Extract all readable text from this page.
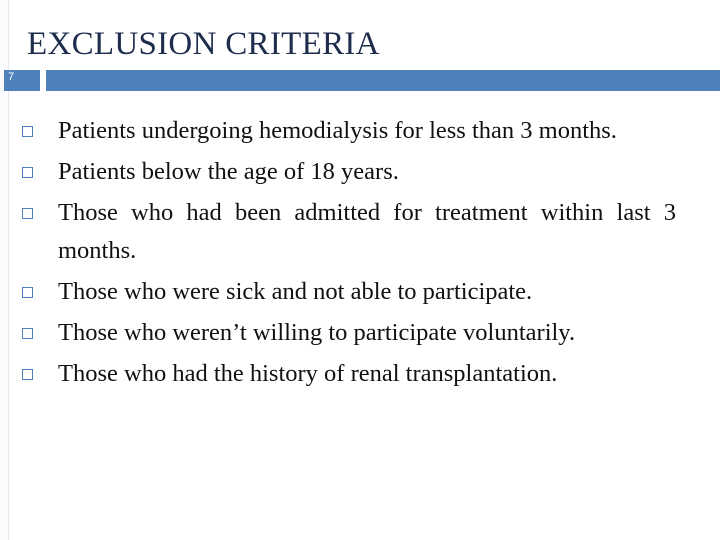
EXCLUSION CRITERIA
7
Patients undergoing hemodialysis for less than 3 months.
Patients below the age of 18 years.
Those who had been admitted for treatment within last 3 months.
Those who were sick and not able to participate.
Those who weren’t willing to participate voluntarily.
Those who had the history of renal transplantation.
